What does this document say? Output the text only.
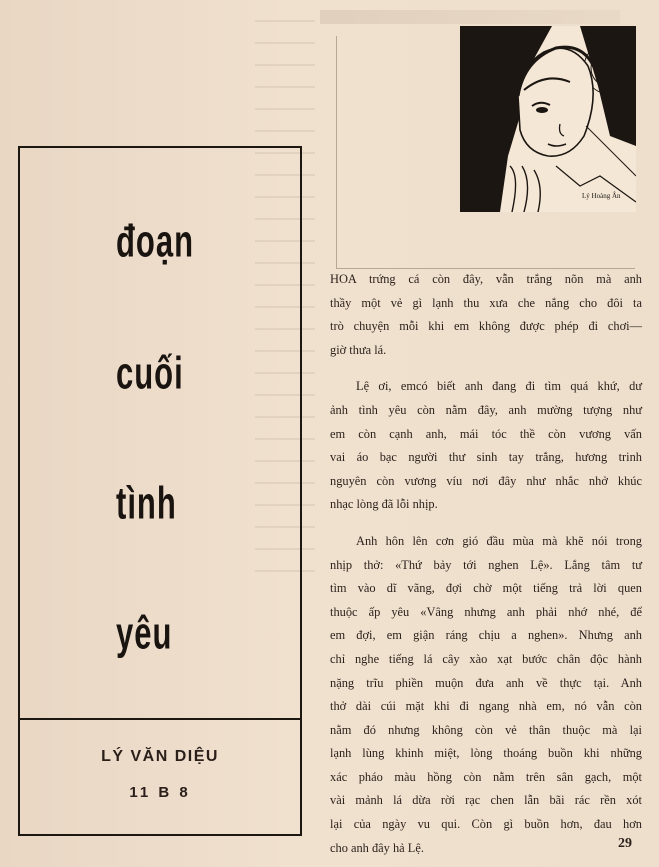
đoạn
cuối
tình
yêu
LÝ VĂN DIỆU
11 B 8
Lý Hoàng Ân

HOA trứng cá còn đây, vẫn trắng nõn mà anh
thầy một vẻ gì lạnh thu xưa che nắng cho đôi ta
trò chuyện mỗi khi em không được phép đi chơi—
giờ thưa lá.

Lệ ơi, emcó biết anh đang đi tìm quá khứ, dư
ảnh tình yêu còn nằm đây, anh mường tượng như
em còn cạnh anh, mái tóc thề còn vương vấn
vai áo bạc người thư sinh tay trắng, hương trinh
nguyên còn vương víu nơi đây như nhắc nhở khúc
nhạc lòng đã lỗi nhịp.

Anh hôn lên cơn gió đầu mùa mà khẽ nói trong
nhịp thở: «Thứ bảy tới nghen Lệ». Lắng tâm tư
tìm vào dĩ vãng, đợi chờ một tiếng trả lời quen
thuộc ấp yêu «Vâng nhưng anh phải nhớ nhé, để
em đợi, em giận ráng chịu a nghen». Nhưng anh
chỉ nghe tiếng lá cây xào xạt bước chân độc hành
nặng trĩu phiền muộn đưa anh về thực tại. Anh
thở dài cúi mặt khi đi ngang nhà em, nó vẫn còn
nằm đó nhưng không còn vẻ thân thuộc mà lại
lạnh lùng khinh miệt, lòng thoáng buồn khi những
xác pháo màu hồng còn nằm trên sân gạch, một
vài mảnh lá dừa rời rạc chen lẫn bãi rác rền xót
lại của ngày vu qui. Còn gì buồn hơn, đau hơn
cho anh đây hả Lệ.	29
